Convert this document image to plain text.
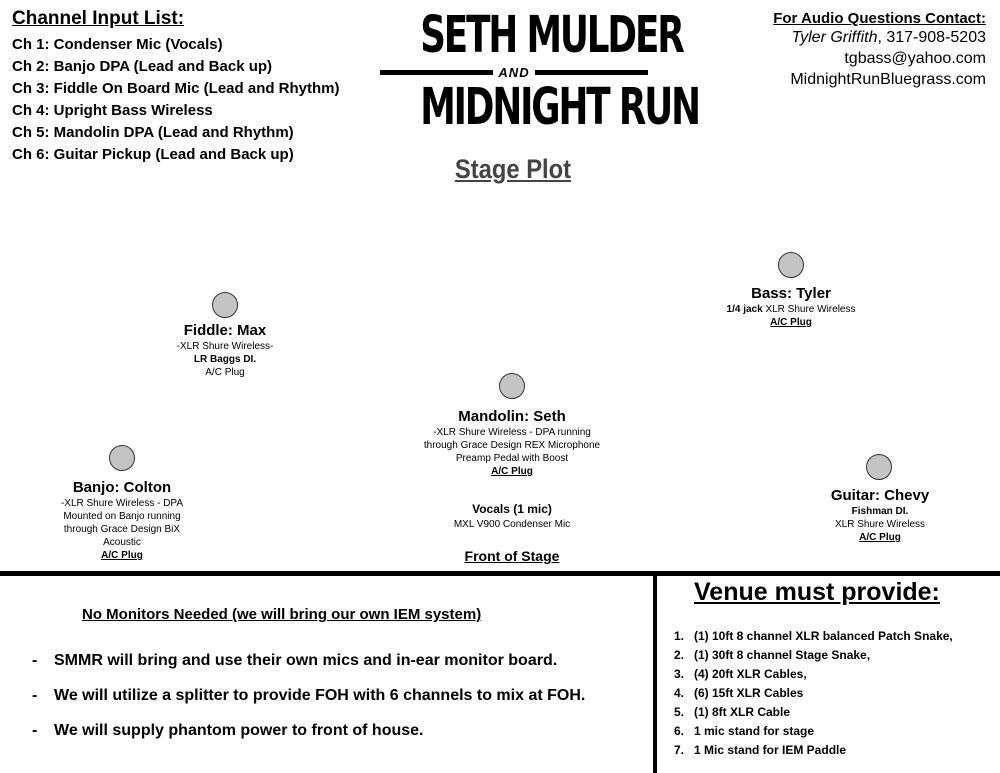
Channel Input List:
Ch 1: Condenser Mic (Vocals)
Ch 2: Banjo DPA (Lead and Back up)
Ch 3: Fiddle On Board Mic (Lead and Rhythm)
Ch 4: Upright Bass Wireless
Ch 5: Mandolin DPA (Lead and Rhythm)
Ch 6: Guitar Pickup (Lead and Back up)
SETH MULDER
AND
MIDNIGHT RUN
Stage Plot
For Audio Questions Contact:
Tyler Griffith, 317-908-5203
tgbass@yahoo.com
MidnightRunBluegrass.com
Fiddle: Max
-XLR Shure Wireless-
LR Baggs DI.
A/C Plug
Bass: Tyler
1/4 jack XLR Shure Wireless
A/C Plug
Mandolin: Seth
-XLR Shure Wireless - DPA running
through Grace Design REX Microphone
Preamp Pedal with Boost
A/C Plug
Banjo: Colton
-XLR Shure Wireless - DPA
Mounted on Banjo running
through Grace Design BiX
Acoustic
A/C Plug
Guitar: Chevy
Fishman DI.
XLR Shure Wireless
A/C Plug
Vocals (1 mic)
MXL V900 Condenser Mic
Front of Stage
No Monitors Needed (we will bring our own IEM system)
- SMMR will bring and use their own mics and in-ear monitor board.
- We will utilize a splitter to provide FOH with 6 channels to mix at FOH.
- We will supply phantom power to front of house.
Venue must provide:
1. (1) 10ft 8 channel XLR balanced Patch Snake,
2. (1) 30ft 8 channel Stage Snake,
3. (4) 20ft XLR Cables,
4. (6) 15ft XLR Cables
5. (1) 8ft XLR Cable
6. 1 mic stand for stage
7. 1 Mic stand for IEM Paddle
